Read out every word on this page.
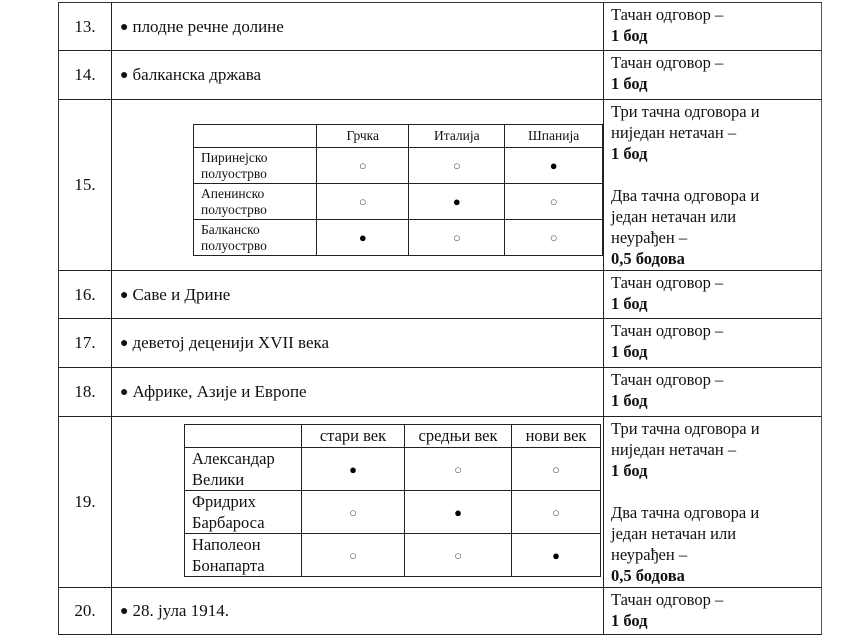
13.	● плодне речне долине
Тачан одговор –
1 бод
14.	● балканска држава
Тачан одговор –
1 бод
15.
	Грчка	Италија	Шпанија

Пиринејско
полуострво	○	○	●

Апенинско
полуострво	○	●	○

Балканско
полуострво	●	○	○
Три тачна одговора и
ниједан нетачан –
1 бод
Два тачна одговора и
један нетачан или
неурађен –
0,5 бодова
16.	● Саве и Дрине
Тачан одговор –
1 бод
17.	● деветој деценији XVII века
Тачан одговор –
1 бод
18.	● Африке, Азије и Европе
Тачан одговор –
1 бод
19.
	стари век	средњи век	нови век

Александар
Велики	●	○	○

Фридрих
Барбароса	○	●	○

Наполеон
Бонапарта	○	○	●
Три тачна одговора и
ниједан нетачан –
1 бод
Два тачна одговора и
један нетачан или
неурађен –
0,5 бодова
20.	● 28. јула 1914.
Тачан одговор –
1 бод
